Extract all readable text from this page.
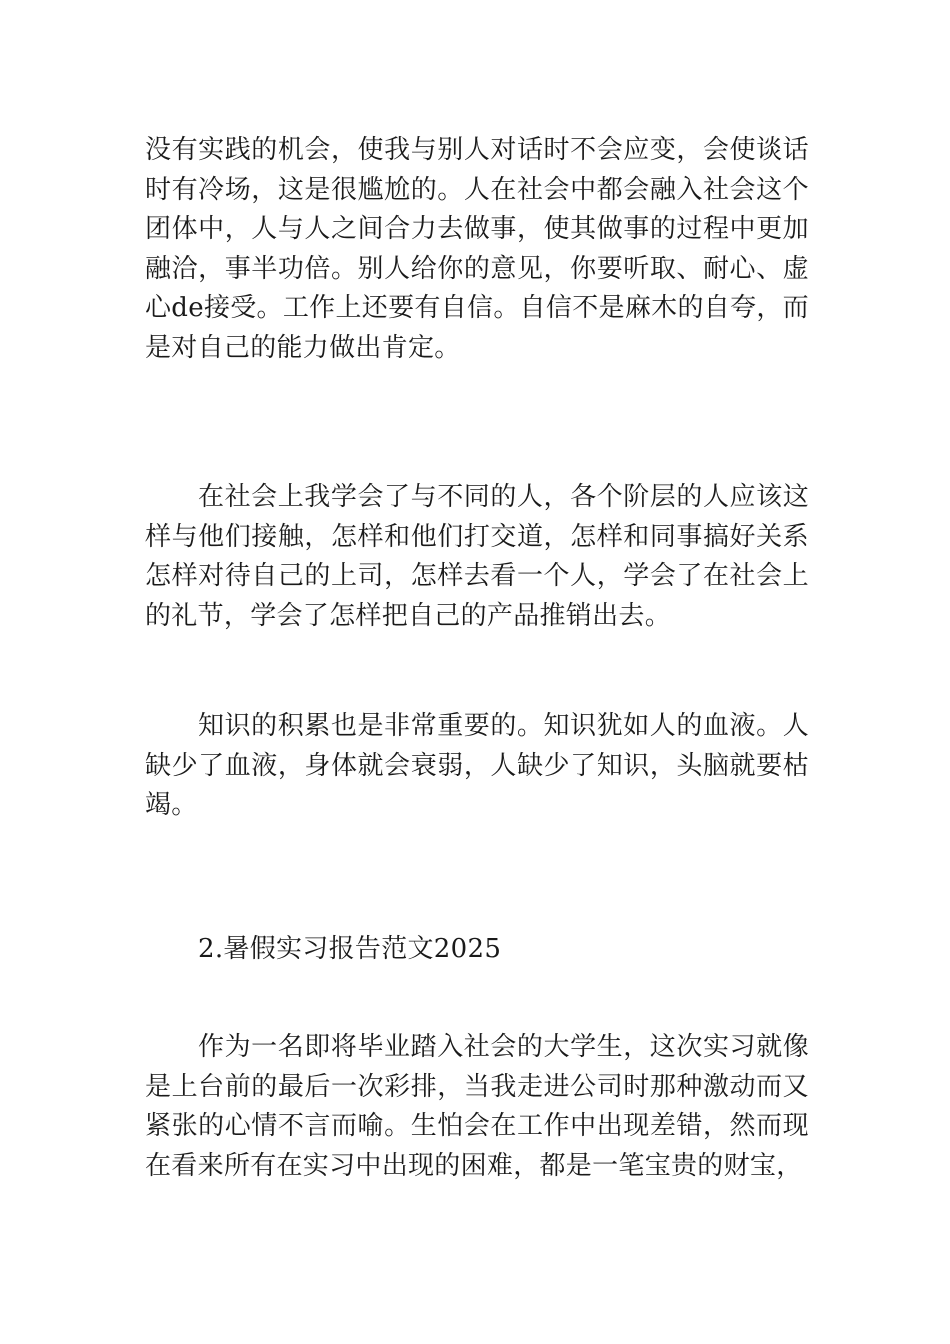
没有实践的机会，使我与别人对话时不会应变，会使谈话时有冷场，这是很尴尬的。人在社会中都会融入社会这个团体中，人与人之间合力去做事，使其做事的过程中更加融洽，事半功倍。别人给你的意见，你要听取、耐心、虚心de接受。工作上还要有自信。自信不是麻木的自夸，而是对自己的能力做出肯定。

在社会上我学会了与不同的人，各个阶层的人应该这样与他们接触，怎样和他们打交道，怎样和同事搞好关系怎样对待自己的上司，怎样去看一个人，学会了在社会上的礼节，学会了怎样把自己的产品推销出去。

知识的积累也是非常重要的。知识犹如人的血液。人缺少了血液，身体就会衰弱，人缺少了知识，头脑就要枯竭。

2.暑假实习报告范文2025

作为一名即将毕业踏入社会的大学生，这次实习就像是上台前的最后一次彩排，当我走进公司时那种激动而又紧张的心情不言而喻。生怕会在工作中出现差错，然而现在看来所有在实习中出现的困难，都是一笔宝贵的财宝，
